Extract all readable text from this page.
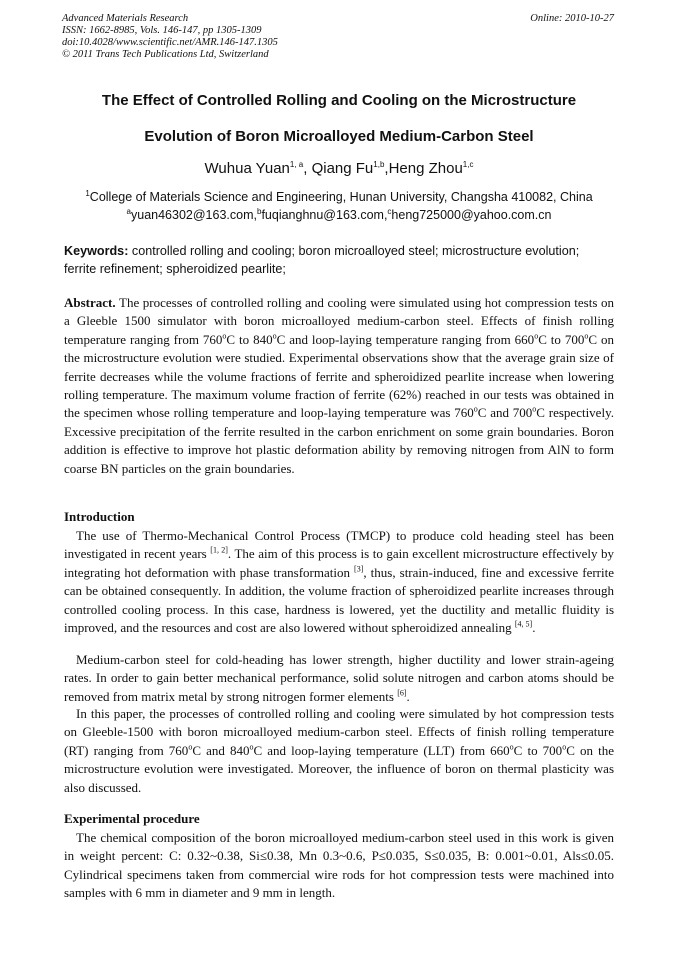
Advanced Materials Research
ISSN: 1662-8985, Vols. 146-147, pp 1305-1309
doi:10.4028/www.scientific.net/AMR.146-147.1305
© 2011 Trans Tech Publications Ltd, Switzerland
Online: 2010-10-27
The Effect of Controlled Rolling and Cooling on the Microstructure
Evolution of Boron Microalloyed Medium-Carbon Steel
Wuhua Yuan$^{1, a}$, Qiang Fu$^{1,b}$,Heng Zhou$^{1,c}$
$^1$College of Materials Science and Engineering, Hunan University, Changsha 410082, China
$^a$yuan46302@163.com,$^b$fuqianghnu@163.com,$^c$heng725000@yahoo.com.cn
Keywords: controlled rolling and cooling; boron microalloyed steel; microstructure evolution; ferrite refinement; spheroidized pearlite;

Abstract. The processes of controlled rolling and cooling were simulated using hot compression tests on a Gleeble 1500 simulator with boron microalloyed medium-carbon steel. Effects of finish rolling temperature ranging from 760$^o$C to 840$^o$C and loop-laying temperature ranging from 660$^o$C to 700$^o$C on the microstructure evolution were studied. Experimental observations show that the average grain size of ferrite decreases while the volume fractions of ferrite and spheroidized pearlite increase when lowering rolling temperature. The maximum volume fraction of ferrite (62%) reached in our tests was obtained in the specimen whose rolling temperature and loop-laying temperature was 760$^o$C and 700$^o$C respectively. Excessive precipitation of the ferrite resulted in the carbon enrichment on some grain boundaries. Boron addition is effective to improve hot plastic deformation ability by removing nitrogen from AlN to form coarse BN particles on the grain boundaries.

Introduction

The use of Thermo-Mechanical Control Process (TMCP) to produce cold heading steel has been investigated in recent years [1, 2]. The aim of this process is to gain excellent microstructure effectively by integrating hot deformation with phase transformation [3], thus, strain-induced, fine and excessive ferrite can be obtained consequently. In addition, the volume fraction of spheroidized pearlite increases through controlled cooling process. In this case, hardness is lowered, yet the ductility and metallic fluidity is improved, and the resources and cost are also lowered without spheroidized annealing [4, 5].

Medium-carbon steel for cold-heading has lower strength, higher ductility and lower strain-ageing rates. In order to gain better mechanical performance, solid solute nitrogen and carbon atoms should be removed from matrix metal by strong nitrogen former elements [6].

In this paper, the processes of controlled rolling and cooling were simulated by hot compression tests on Gleeble-1500 with boron microalloyed medium-carbon steel. Effects of finish rolling temperature (RT) ranging from 760$^o$C and 840$^o$C and loop-laying temperature (LLT) from 660$^o$C to 700$^o$C on the microstructure evolution were investigated. Moreover, the influence of boron on thermal plasticity was also discussed.

Experimental procedure

The chemical composition of the boron microalloyed medium-carbon steel used in this work is given in weight percent: C: 0.32~0.38, Si≤0.38, Mn 0.3~0.6, P≤0.035, S≤0.035, B: 0.001~0.01, Als≤0.05. Cylindrical specimens taken from commercial wire rods for hot compression tests were machined into samples with 6 mm in diameter and 9 mm in length.
